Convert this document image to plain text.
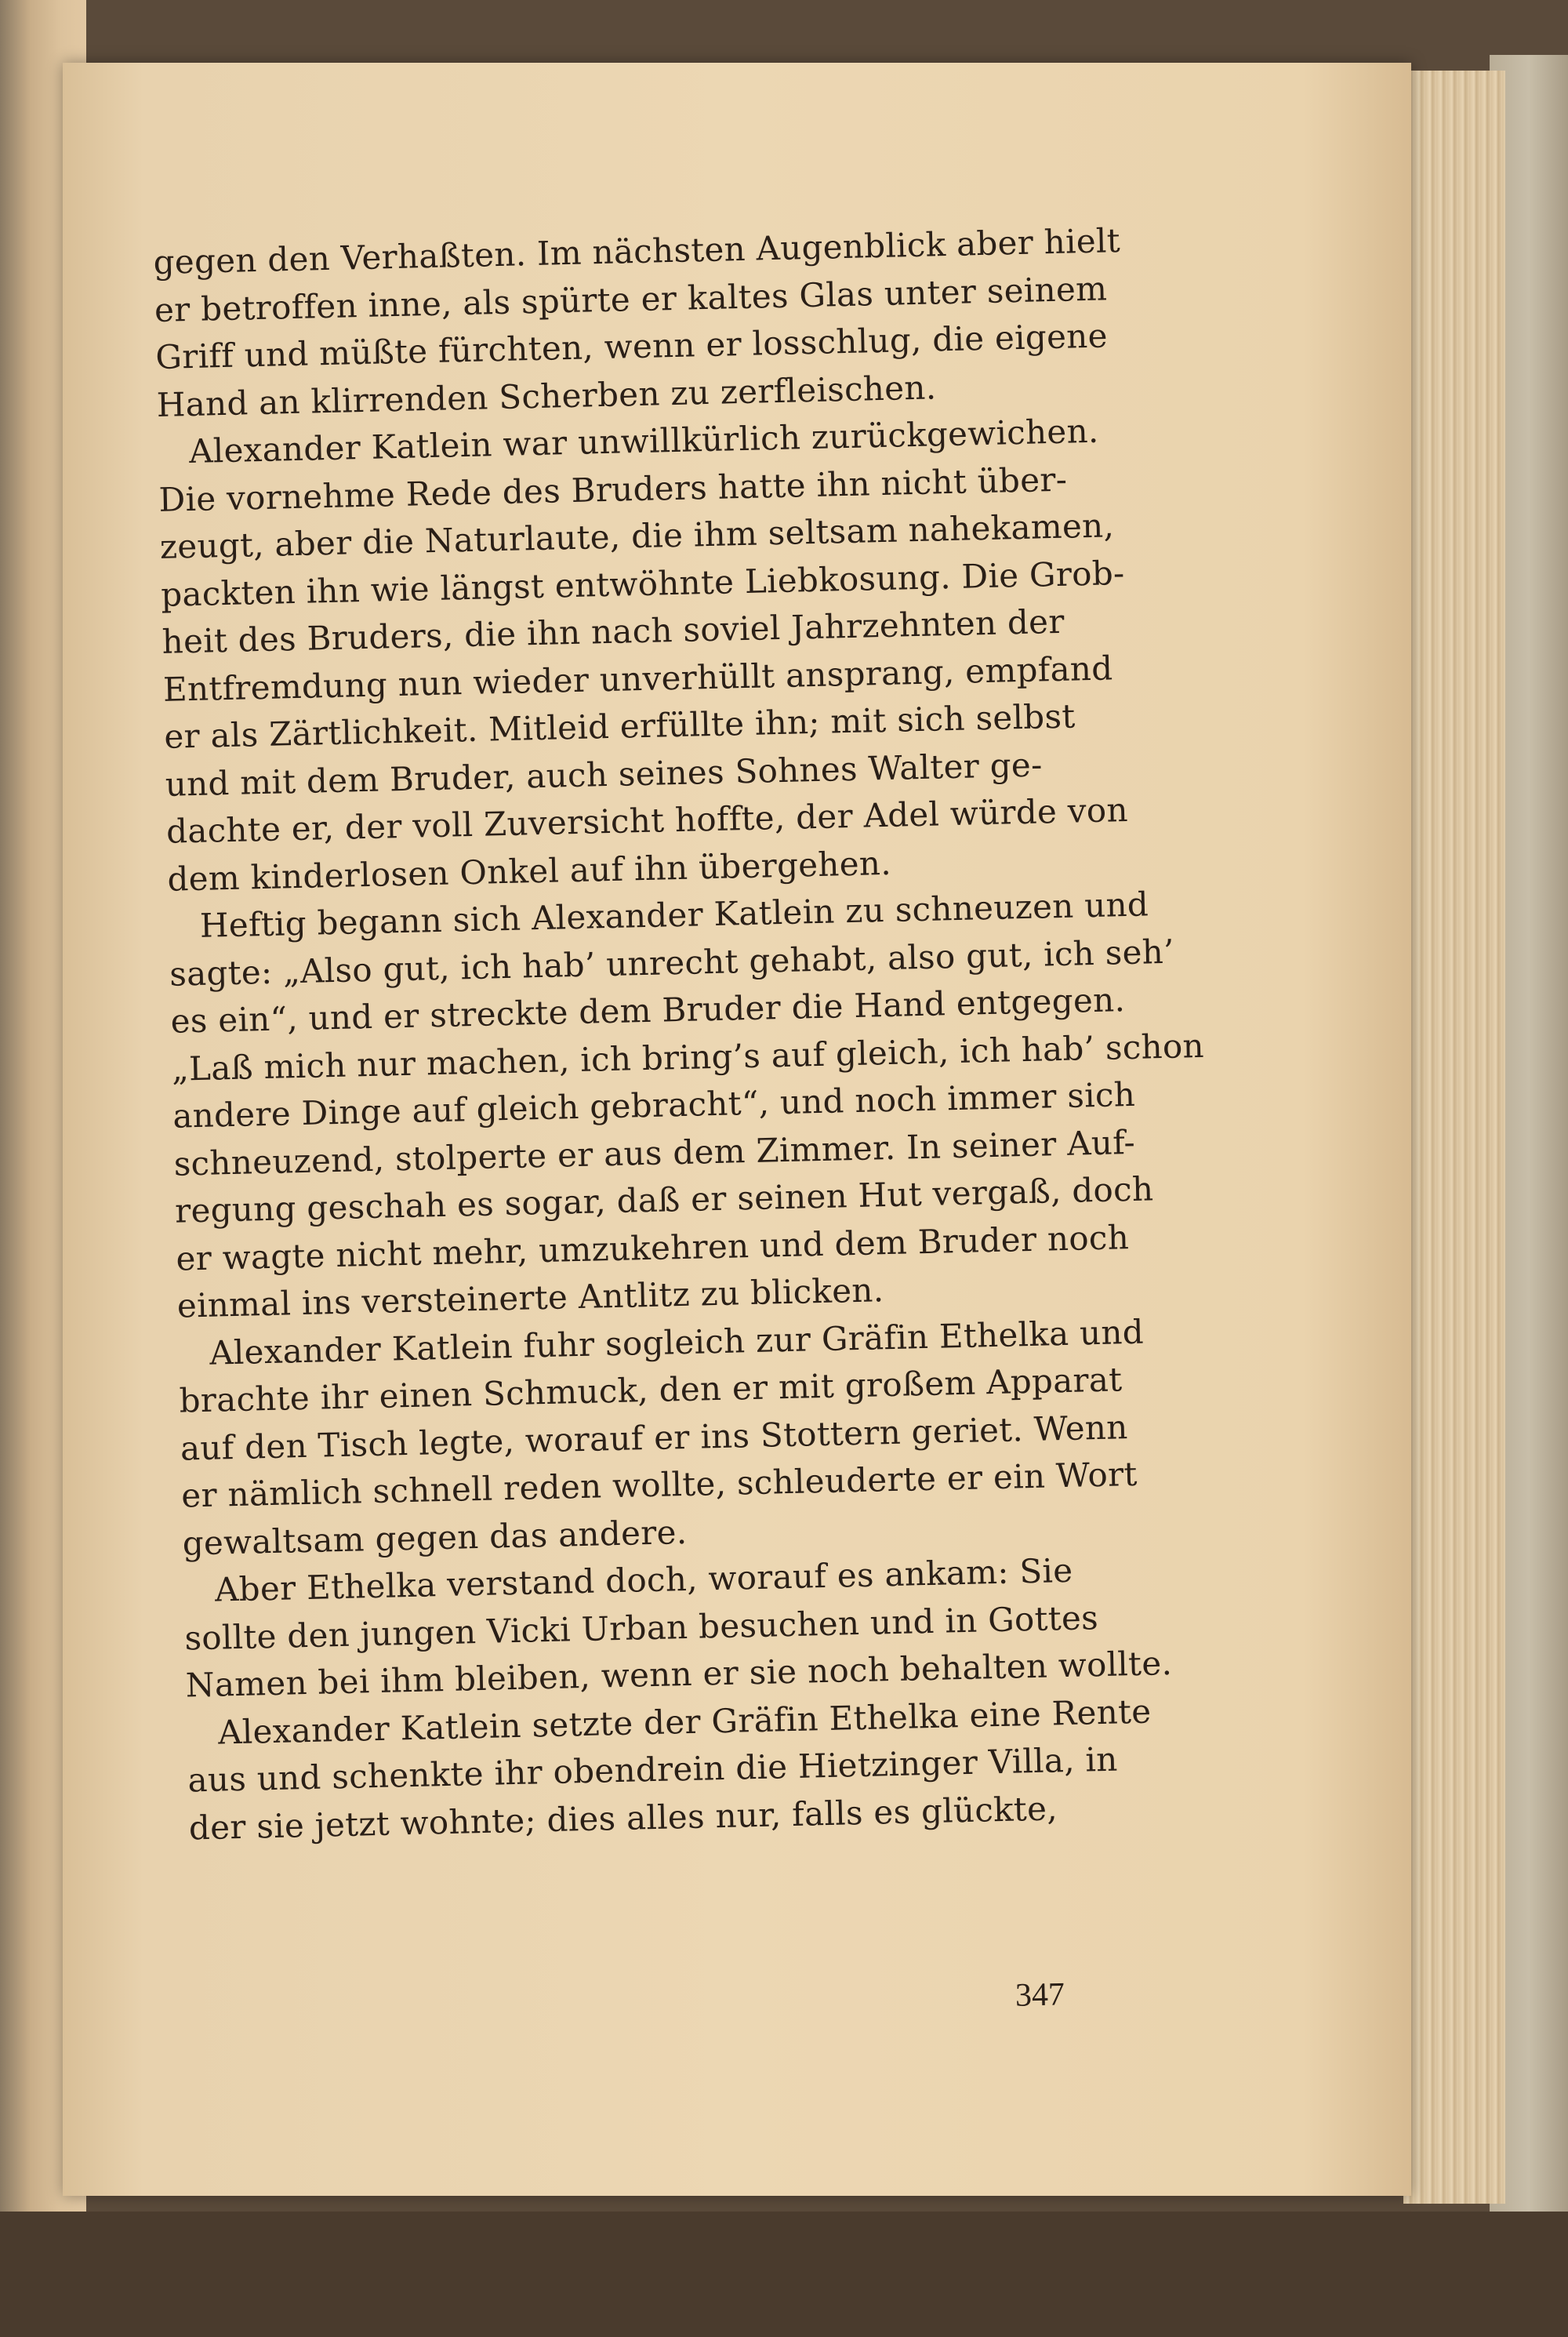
gegen den Verhaßten. Im nächsten Augenblick aber hielt
er betroffen inne, als spürte er kaltes Glas unter seinem
Griff und müßte fürchten, wenn er losschlug, die eigene
Hand an klirrenden Scherben zu zerfleischen.
Alexander Katlein war unwillkürlich zurückgewichen.
Die vornehme Rede des Bruders hatte ihn nicht über-
zeugt, aber die Naturlaute, die ihm seltsam nahekamen,
packten ihn wie längst entwöhnte Liebkosung. Die Grob-
heit des Bruders, die ihn nach soviel Jahrzehnten der
Entfremdung nun wieder unverhüllt ansprang, empfand
er als Zärtlichkeit. Mitleid erfüllte ihn; mit sich selbst
und mit dem Bruder, auch seines Sohnes Walter ge-
dachte er, der voll Zuversicht hoffte, der Adel würde von
dem kinderlosen Onkel auf ihn übergehen.
Heftig begann sich Alexander Katlein zu schneuzen und
sagte: „Also gut, ich hab’ unrecht gehabt, also gut, ich seh’
es ein“, und er streckte dem Bruder die Hand entgegen.
„Laß mich nur machen, ich bring’s auf gleich, ich hab’ schon
andere Dinge auf gleich gebracht“, und noch immer sich
schneuzend, stolperte er aus dem Zimmer. In seiner Auf-
regung geschah es sogar, daß er seinen Hut vergaß, doch
er wagte nicht mehr, umzukehren und dem Bruder noch
einmal ins versteinerte Antlitz zu blicken.
Alexander Katlein fuhr sogleich zur Gräfin Ethelka und
brachte ihr einen Schmuck, den er mit großem Apparat
auf den Tisch legte, worauf er ins Stottern geriet. Wenn
er nämlich schnell reden wollte, schleuderte er ein Wort
gewaltsam gegen das andere.
Aber Ethelka verstand doch, worauf es ankam: Sie
sollte den jungen Vicki Urban besuchen und in Gottes
Namen bei ihm bleiben, wenn er sie noch behalten wollte.
Alexander Katlein setzte der Gräfin Ethelka eine Rente
aus und schenkte ihr obendrein die Hietzinger Villa, in
der sie jetzt wohnte; dies alles nur, falls es glückte,
347
